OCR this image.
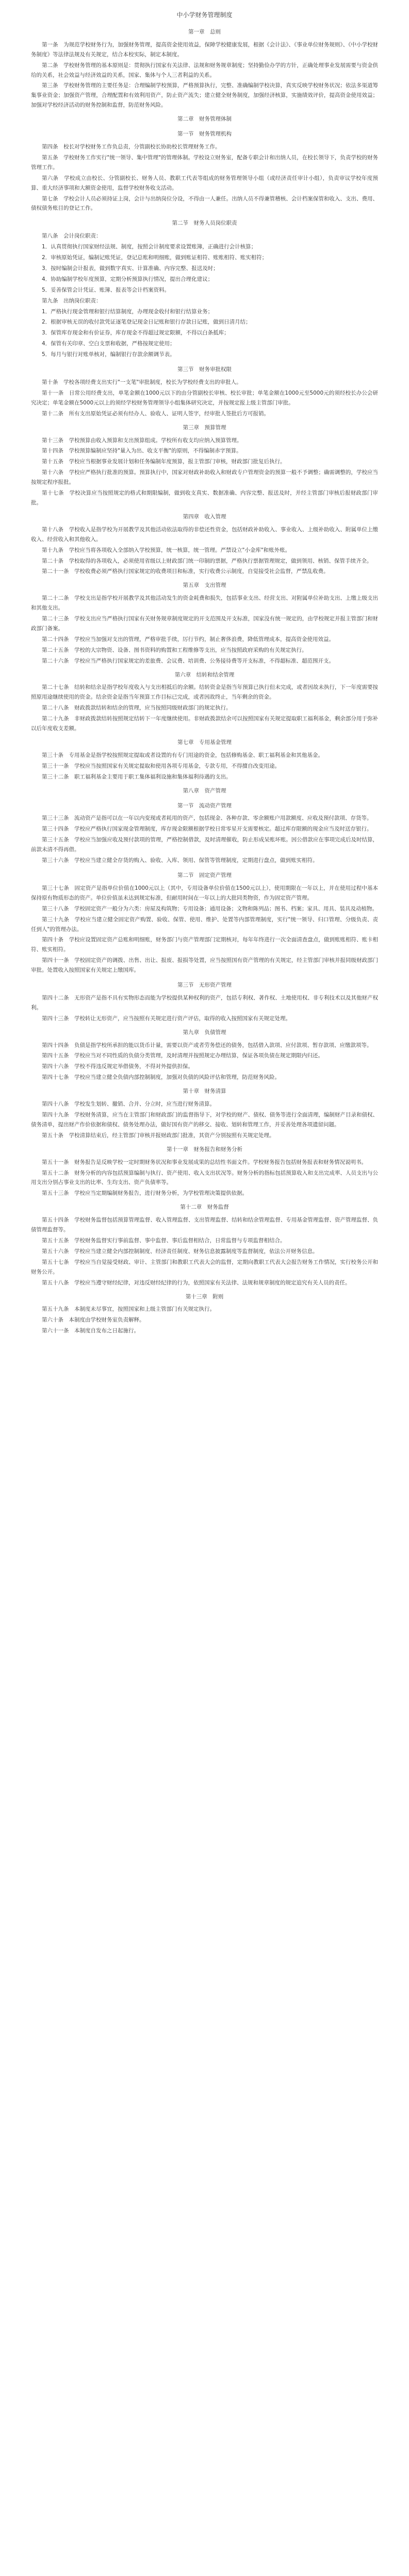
中小学财务管理制度
第一章　总则

第一条　为规范学校财务行为，加强财务管理，提高资金使用效益，保障学校健康发展，根据《会计法》、《事业单位财务规则》、《中小学校财务制度》等法律法规及有关规定，结合本校实际，制定本制度。

第二条　学校财务管理的基本原则是：贯彻执行国家有关法律、法规和财务规章制度；坚持勤俭办学的方针，正确处理事业发展需要与资金供给的关系，社会效益与经济效益的关系，国家、集体与个人三者利益的关系。

第三条　学校财务管理的主要任务是：合理编制学校预算，严格预算执行，完整、准确编制学校决算，真实反映学校财务状况；依法多渠道筹集事业资金；加强资产管理，合理配置和有效利用资产，防止资产流失；建立健全财务制度，加强经济核算，实施绩效评价，提高资金使用效益；加强对学校经济活动的财务控制和监督，防范财务风险。

第二章　财务管理体制
第一节　财务管理机构

第四条　校长对学校财务工作负总责，分管副校长协助校长管理财务工作。

第五条　学校财务工作实行"统一领导、集中管理"的管理体制。学校设立财务室，配备专职会计和出纳人员，在校长领导下，负责学校的财务管理工作。

第六条　学校成立由校长、分管副校长、财务人员、教职工代表等组成的财务管理领导小组（或经济责任审计小组），负责审议学校年度预算、重大经济事项和大额资金使用，监督学校财务收支活动。

第七条　学校会计人员必须持证上岗，会计与出纳岗位分设，不得由一人兼任。出纳人员不得兼管稽核、会计档案保管和收入、支出、费用、债权债务账目的登记工作。

第二节　财务人员岗位职责

第八条　会计岗位职责：

1．认真贯彻执行国家财经法规、制度，按照会计制度要求设置账簿，正确进行会计核算；

2．审核原始凭证，编制记账凭证，登记总账和明细账，做到账证相符、账账相符、账实相符；

3．按时编制会计报表，做到数字真实、计算准确、内容完整、报送及时；

4．协助编制学校年度预算，定期分析预算执行情况，提出合理化建议；

5．妥善保管会计凭证、账簿、报表等会计档案资料。

第九条　出纳岗位职责：

1．严格执行现金管理和银行结算制度，办理现金收付和银行结算业务；

2．根据审核无误的收付款凭证逐笔登记现金日记账和银行存款日记账，做到日清月结；

3．保管库存现金和有价证券，库存现金不得超过规定限额，不得以白条抵库；

4．保管有关印章、空白支票和收据，严格按规定使用；

5．每月与银行对账单核对，编制银行存款余额调节表。

第三节　财务审批权限

第十条　学校各项经费支出实行"一支笔"审批制度，校长为学校经费支出的审批人。

第十一条　日常公用经费支出，单笔金额在1000元以下的由分管副校长审核、校长审批；单笔金额在1000元至5000元的须经校长办公会研究决定；单笔金额在5000元以上的须经学校财务管理领导小组集体研究决定，并按规定报上级主管部门审批。

第十二条　所有支出原始凭证必须有经办人、验收人、证明人签字，经审批人签批后方可报销。

第三章　预算管理

第十三条　学校预算由收入预算和支出预算组成。学校所有收支均应纳入预算管理。

第十四条　学校预算编制应坚持"量入为出、收支平衡"的原则，不得编制赤字预算。

第十五条　学校应当根据事业发展计划和任务编制年度预算，报主管部门审核，财政部门批复后执行。

第十六条　学校应严格执行批准的预算。预算执行中，国家对财政补助收入和财政专户管理资金的预算一般不予调整；确需调整的，学校应当按规定程序报批。

第十七条　学校决算应当按照规定的格式和期限编制，做到收支真实、数据准确、内容完整、报送及时，并经主管部门审核后报财政部门审批。

第四章　收入管理

第十八条　学校收入是指学校为开展教学及其他活动依法取得的非偿还性资金，包括财政补助收入、事业收入、上级补助收入、附属单位上缴收入、经营收入和其他收入。

第十九条　学校应当将各项收入全部纳入学校预算，统一核算，统一管理。严禁设立"小金库"和账外账。

第二十条　学校取得的各项收入，必须使用省级以上财政部门统一印制的票据，严格执行票据管理规定，做到领用、核销、保管手续齐全。

第二十一条　学校收费必须严格执行国家规定的收费项目和标准，实行收费公示制度，自觉接受社会监督，严禁乱收费。

第五章　支出管理

第二十二条　学校支出是指学校开展教学及其他活动发生的资金耗费和损失，包括事业支出、经营支出、对附属单位补助支出、上缴上级支出和其他支出。

第二十三条　学校支出应当严格执行国家有关财务规章制度规定的开支范围及开支标准，国家没有统一规定的，由学校规定并报主管部门和财政部门备案。

第二十四条　学校应当加强对支出的管理，严格审批手续，厉行节约，制止奢侈浪费，降低管理成本，提高资金使用效益。

第二十五条　学校的大宗物资、设备、图书资料的购置和工程维修等支出，应当按照政府采购的有关规定执行。

第二十六条　学校应当严格执行国家规定的差旅费、会议费、培训费、公务接待费等开支标准，不得超标准、超范围开支。

第六章　结转和结余管理

第二十七条　结转和结余是指学校年度收入与支出相抵后的余额。结转资金是指当年预算已执行但未完成，或者因故未执行，下一年度需要按照原用途继续使用的资金。结余资金是指当年预算工作目标已完成，或者因故终止，当年剩余的资金。

第二十八条　财政拨款结转和结余的管理，应当按照同级财政部门的规定执行。

第二十九条　非财政拨款结转按照规定结转下一年度继续使用。非财政拨款结余可以按照国家有关规定提取职工福利基金，剩余部分用于弥补以后年度收支差额。

第七章　专用基金管理

第三十条　专用基金是指学校按照规定提取或者设置的有专门用途的资金，包括修购基金、职工福利基金和其他基金。

第三十一条　学校应当按照国家有关规定提取和使用各项专用基金，专款专用，不得擅自改变用途。

第三十二条　职工福利基金主要用于职工集体福利设施和集体福利待遇的支出。

第八章　资产管理
第一节　流动资产管理

第三十三条　流动资产是指可以在一年以内变现或者耗用的资产，包括现金、各种存款、零余额账户用款额度、应收及预付款项、存货等。

第三十四条　学校应严格执行国家现金管理制度，库存现金限额根据学校日常零星开支需要核定。超过库存限额的现金应当及时送存银行。

第三十五条　学校应当加强应收及预付款项的管理，严格控制借款，及时清理催收，防止形成呆账坏账。因公借款应在事项完成后及时结算，前款未清不得再借。

第三十六条　学校应当建立健全存货的购入、验收、入库、领用、保管等管理制度，定期进行盘点，做到账实相符。

第二节　固定资产管理

第三十七条　固定资产是指单位价值在1000元以上（其中，专用设备单位价值在1500元以上），使用期限在一年以上，并在使用过程中基本保持原有物质形态的资产。单位价值虽未达到规定标准，但耐用时间在一年以上的大批同类物资，作为固定资产管理。

第三十八条　学校固定资产一般分为六类：房屋及构筑物；专用设备；通用设备；文物和陈列品；图书、档案；家具、用具、装具及动植物。

第三十九条　学校应当建立健全固定资产购置、验收、保管、使用、维护、处置等内部管理制度，实行"统一领导、归口管理、分级负责、责任到人"的管理办法。

第四十条　学校应设置固定资产总账和明细账，财务部门与资产管理部门定期核对，每年年终进行一次全面清查盘点，做到账账相符、账卡相符、账实相符。

第四十一条　学校固定资产的调拨、出售、出让、报废、报损等处置，应当按照国有资产管理的有关规定，经主管部门审核并报同级财政部门审批。处置收入按照国家有关规定上缴国库。

第三节　无形资产管理

第四十二条　无形资产是指不具有实物形态而能为学校提供某种权利的资产，包括专利权、著作权、土地使用权、非专利技术以及其他财产权利。

第四十三条　学校转让无形资产，应当按照有关规定进行资产评估，取得的收入按照国家有关规定处理。

第九章　负债管理

第四十四条　负债是指学校所承担的能以货币计量，需要以资产或者劳务偿还的债务，包括借入款项、应付款项、暂存款项、应缴款项等。

第四十五条　学校应当对不同性质的负债分类管理，及时清理并按照规定办理结算，保证各项负债在规定期限内归还。

第四十六条　学校不得违反规定举借债务，不得对外提供担保。

第四十七条　学校应当建立健全负债内部控制制度，加强对负债的风险评估和管理，防范财务风险。

第十章　财务清算

第四十八条　学校发生划转、撤销、合并、分立时，应当进行财务清算。

第四十九条　学校财务清算，应当在主管部门和财政部门的监督指导下，对学校的财产、债权、债务等进行全面清理，编制财产目录和债权、债务清单，提出财产作价依据和债权、债务处理办法，做好国有资产的移交、接收、划转和管理工作，并妥善处理各项遗留问题。

第五十条　学校清算结束后，经主管部门审核并报财政部门批准，其资产分别按照有关规定处理。

第十一章　财务报告和财务分析

第五十一条　财务报告是反映学校一定时期财务状况和事业发展成果的总结性书面文件。学校财务报告包括财务报表和财务情况说明书。

第五十二条　财务分析的内容包括预算编制与执行、资产使用、收入支出状况等。财务分析的指标包括预算收入和支出完成率、人员支出与公用支出分别占事业支出的比率、生均支出、资产负债率等。

第五十三条　学校应当定期编制财务报告，进行财务分析，为学校管理决策提供依据。

第十二章　财务监督

第五十四条　学校财务监督包括预算管理监督、收入管理监督、支出管理监督、结转和结余管理监督、专用基金管理监督、资产管理监督、负债管理监督等。

第五十五条　学校财务监督实行事前监督、事中监督、事后监督相结合，日常监督与专项监督相结合。

第五十六条　学校应当建立健全内部控制制度、经济责任制度、财务信息披露制度等监督制度，依法公开财务信息。

第五十七条　学校应当自觉接受财政、审计、主管部门和教职工代表大会的监督，定期向教职工代表大会报告财务工作情况，实行校务公开和财务公开。

第五十八条　学校应当遵守财经纪律，对违反财经纪律的行为，依照国家有关法律、法规和规章制度的规定追究有关人员的责任。

第十三章　附则

第五十九条　本制度未尽事宜，按照国家和上级主管部门有关规定执行。

第六十条　本制度由学校财务室负责解释。

第六十一条　本制度自发布之日起施行。
